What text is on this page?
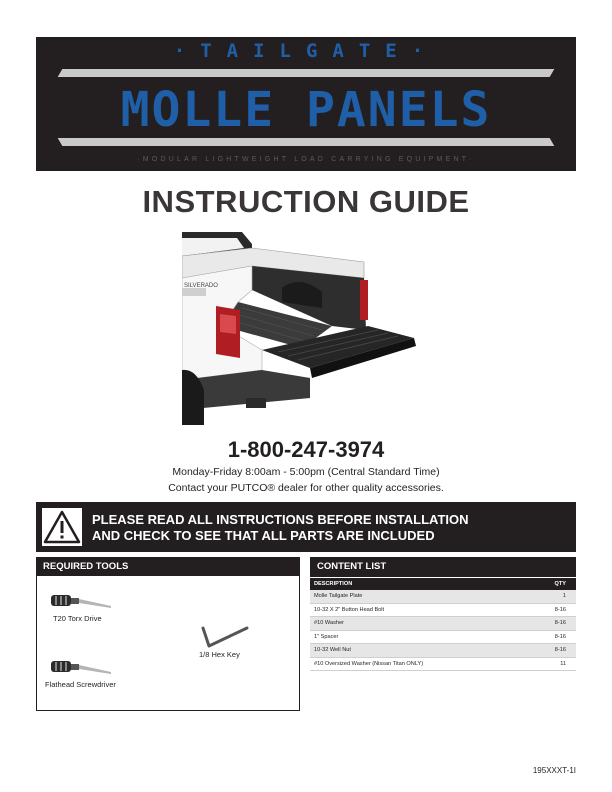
·TAILGATE·
MOLLE PANELS
·MODULAR LIGHTWEIGHT LOAD CARRYING EQUIPMENT·
INSTRUCTION GUIDE
SILVERADO
1-800-247-3974
Monday-Friday 8:00am - 5:00pm (Central Standard Time)
Contact your PUTCO® dealer for other quality accessories.
PLEASE READ ALL INSTRUCTIONS BEFORE INSTALLATION
AND CHECK TO SEE THAT ALL PARTS ARE INCLUDED
REQUIRED TOOLS
T20 Torx Drive
1/8 Hex Key
Flathead Screwdriver
CONTENT LIST
DESCRIPTION	QTY
Molle Tailgate Plate	1
10-32 X 2" Button Head Bolt	8-16
#10 Washer	8-16
1" Spacer	8-16
10-32 Well Nut	8-16
#10 Oversized Washer (Nissan Titan ONLY)	11
195XXXT-1I
